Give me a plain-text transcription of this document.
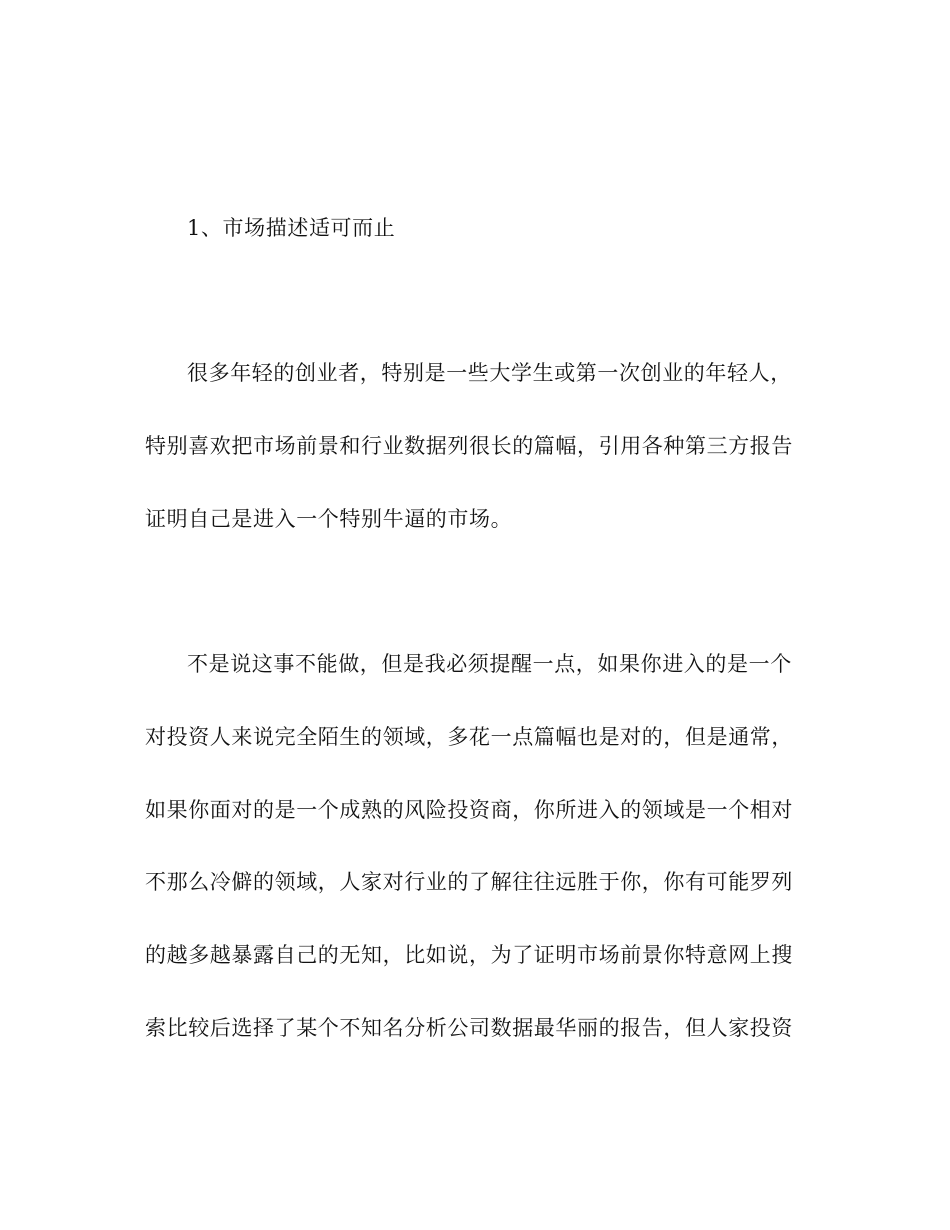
1、市场描述适可而止
很多年轻的创业者，特别是一些大学生或第一次创业的年轻人，
特别喜欢把市场前景和行业数据列很长的篇幅，引用各种第三方报告
证明自己是进入一个特别牛逼的市场。
不是说这事不能做，但是我必须提醒一点，如果你进入的是一个
对投资人来说完全陌生的领域，多花一点篇幅也是对的，但是通常，
如果你面对的是一个成熟的风险投资商，你所进入的领域是一个相对
不那么冷僻的领域，人家对行业的了解往往远胜于你，你有可能罗列
的越多越暴露自己的无知，比如说，为了证明市场前景你特意网上搜
索比较后选择了某个不知名分析公司数据最华丽的报告，但人家投资
